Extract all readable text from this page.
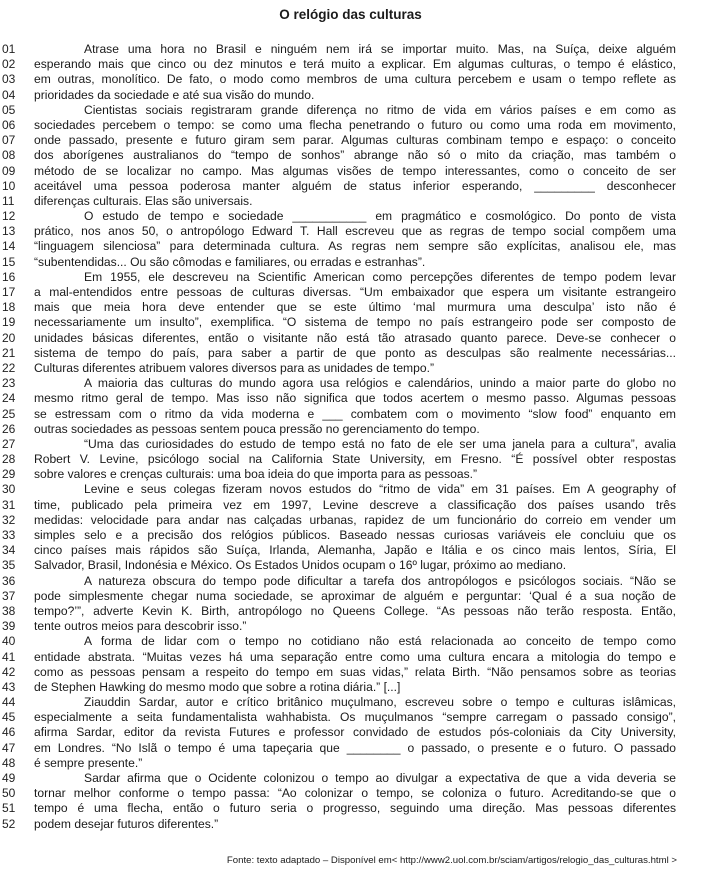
O relógio das culturas
01	Atrase uma hora no Brasil e ninguém nem irá se importar muito. Mas, na Suíça, deixe alguém
02	esperando mais que cinco ou dez minutos e terá muito a explicar. Em algumas culturas, o tempo é elástico,
03	em outras, monolítico. De fato, o modo como membros de uma cultura percebem e usam o tempo reflete as
04	prioridades da sociedade e até sua visão do mundo.
05	Cientistas sociais registraram grande diferença no ritmo de vida em vários países e em como as
06	sociedades percebem o tempo: se como uma flecha penetrando o futuro ou como uma roda em movimento,
07	onde passado, presente e futuro giram sem parar. Algumas culturas combinam tempo e espaço: o conceito
08	dos aborígenes australianos do “tempo de sonhos” abrange não só o mito da criação, mas também o
09	método de se localizar no campo. Mas algumas visões de tempo interessantes, como o conceito de ser
10	aceitável uma pessoa poderosa manter alguém de status inferior esperando, _________ desconhecer
11	diferenças culturais. Elas são universais.
12	O estudo de tempo e sociedade ___________ em pragmático e cosmológico. Do ponto de vista
13	prático, nos anos 50, o antropólogo Edward T. Hall escreveu que as regras de tempo social compõem uma
14	“linguagem silenciosa” para determinada cultura. As regras nem sempre são explícitas, analisou ele, mas
15	“subentendidas... Ou são cômodas e familiares, ou erradas e estranhas”.
16	Em 1955, ele descreveu na Scientific American como percepções diferentes de tempo podem levar
17	a mal-entendidos entre pessoas de culturas diversas. “Um embaixador que espera um visitante estrangeiro
18	mais que meia hora deve entender que se este último ‘mal murmura uma desculpa’ isto não é
19	necessariamente um insulto”, exemplifica. “O sistema de tempo no país estrangeiro pode ser composto de
20	unidades básicas diferentes, então o visitante não está tão atrasado quanto parece. Deve-se conhecer o
21	sistema de tempo do país, para saber a partir de que ponto as desculpas são realmente necessárias...
22	Culturas diferentes atribuem valores diversos para as unidades de tempo.”
23	A maioria das culturas do mundo agora usa relógios e calendários, unindo a maior parte do globo no
24	mesmo ritmo geral de tempo. Mas isso não significa que todos acertem o mesmo passo. Algumas pessoas
25	se estressam com o ritmo da vida moderna e ___ combatem com o movimento “slow food” enquanto em
26	outras sociedades as pessoas sentem pouca pressão no gerenciamento do tempo.
27	“Uma das curiosidades do estudo de tempo está no fato de ele ser uma janela para a cultura”, avalia
28	Robert V. Levine, psicólogo social na California State University, em Fresno. “É possível obter respostas
29	sobre valores e crenças culturais: uma boa ideia do que importa para as pessoas.”
30	Levine e seus colegas fizeram novos estudos do “ritmo de vida” em 31 países. Em A geography of
31	time, publicado pela primeira vez em 1997, Levine descreve a classificação dos países usando três
32	medidas: velocidade para andar nas calçadas urbanas, rapidez de um funcionário do correio em vender um
33	simples selo e a precisão dos relógios públicos. Baseado nessas curiosas variáveis ele concluiu que os
34	cinco países mais rápidos são Suíça, Irlanda, Alemanha, Japão e Itália e os cinco mais lentos, Síria, El
35	Salvador, Brasil, Indonésia e México. Os Estados Unidos ocupam o 16º lugar, próximo ao mediano.
36	A natureza obscura do tempo pode dificultar a tarefa dos antropólogos e psicólogos sociais. “Não se
37	pode simplesmente chegar numa sociedade, se aproximar de alguém e perguntar: ‘Qual é a sua noção de
38	tempo?’”, adverte Kevin K. Birth, antropólogo no Queens College. “As pessoas não terão resposta. Então,
39	tente outros meios para descobrir isso.”
40	A forma de lidar com o tempo no cotidiano não está relacionada ao conceito de tempo como
41	entidade abstrata. “Muitas vezes há uma separação entre como uma cultura encara a mitologia do tempo e
42	como as pessoas pensam a respeito do tempo em suas vidas,” relata Birth. “Não pensamos sobre as teorias
43	de Stephen Hawking do mesmo modo que sobre a rotina diária.” [...]
44	Ziauddin Sardar, autor e crítico britânico muçulmano, escreveu sobre o tempo e culturas islâmicas,
45	especialmente a seita fundamentalista wahhabista. Os muçulmanos “sempre carregam o passado consigo”,
46	afirma Sardar, editor da revista Futures e professor convidado de estudos pós-coloniais da City University,
47	em Londres. “No Islã o tempo é uma tapeçaria que ________ o passado, o presente e o futuro. O passado
48	é sempre presente.”
49	Sardar afirma que o Ocidente colonizou o tempo ao divulgar a expectativa de que a vida deveria se
50	tornar melhor conforme o tempo passa: “Ao colonizar o tempo, se coloniza o futuro. Acreditando-se que o
51	tempo é uma flecha, então o futuro seria o progresso, seguindo uma direção. Mas pessoas diferentes
52	podem desejar futuros diferentes.”
Fonte: texto adaptado – Disponível em< http://www2.uol.com.br/sciam/artigos/relogio_das_culturas.html >
